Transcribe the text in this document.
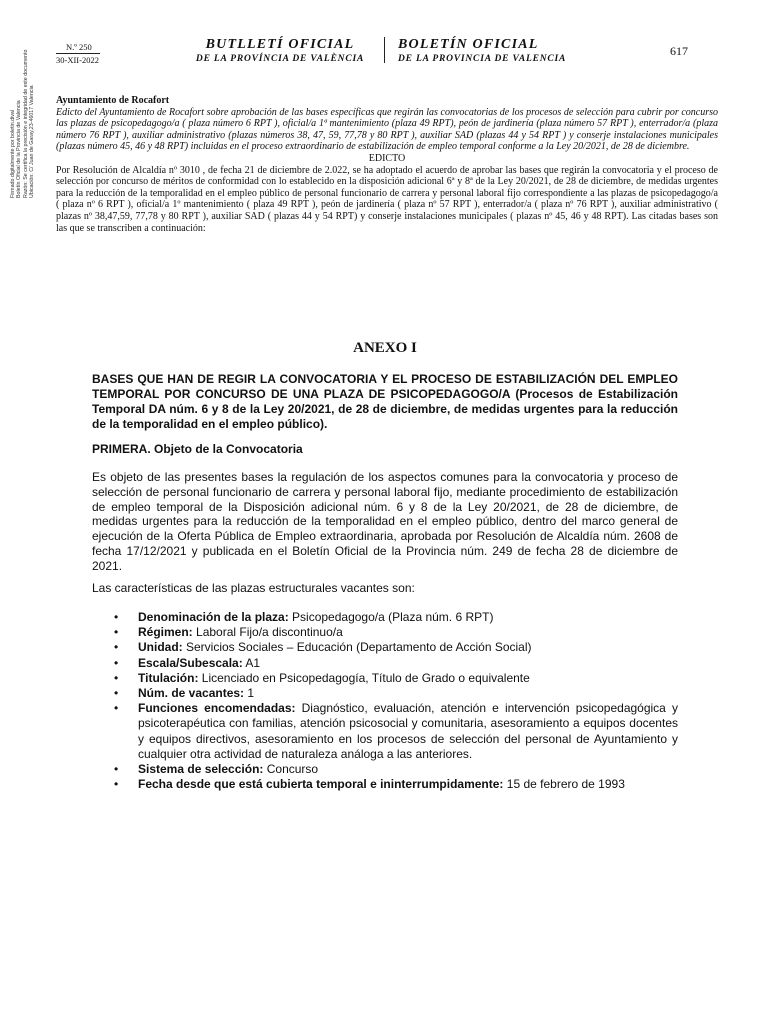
Firmado digitalmente por boletin.dival Boletín Oficial de la Provincia de Valencia Razón: Se certifica la precisión e integridad de este documento Ubicación: C/ Juan de Garay,23-46017 Valencia
N.º 250
30-XII-2022
BUTLLETÍ OFICIAL
DE LA PROVÍNCIA DE VALÈNCIA
BOLETÍN OFICIAL
DE LA PROVINCIA DE VALENCIA
617
Ayuntamiento de Rocafort
Edicto del Ayuntamiento de Rocafort sobre aprobación de las bases específicas que regirán las convocatorias de los procesos de selección para cubrir por concurso las plazas de psicopedagogo/a ( plaza número 6 RPT ), oficial/a 1ª mantenimiento (plaza 49 RPT), peón de jardinería (plaza número 57 RPT ), enterrador/a (plaza número 76 RPT ), auxiliar administrativo (plazas números 38, 47, 59, 77,78 y 80 RPT ), auxiliar SAD (plazas 44 y 54 RPT ) y conserje instalaciones municipales (plazas número 45, 46 y 48 RPT) incluidas en el proceso extraordinario de estabilización de empleo temporal conforme a la Ley 20/2021, de 28 de diciembre.
EDICTO
Por Resolución de Alcaldía nº 3010 , de fecha 21 de diciembre de 2.022, se ha adoptado el acuerdo de aprobar las bases que regirán la convocatoria y el proceso de selección por concurso de méritos de conformidad con lo establecido en la disposición adicional 6ª y 8ª de la Ley 20/2021, de 28 de diciembre, de medidas urgentes para la reducción de la temporalidad en el empleo público de personal funcionario de carrera y personal laboral fijo correspondiente a las plazas de psicopedagogo/a ( plaza nº 6 RPT ), oficial/a 1º mantenimiento ( plaza 49 RPT ), peón de jardinería ( plaza nº 57 RPT ), enterrador/a ( plaza nº 76 RPT ), auxiliar administrativo ( plazas nº 38,47,59, 77,78 y 80 RPT ), auxiliar SAD ( plazas 44 y 54 RPT) y conserje instalaciones municipales ( plazas nº 45, 46 y 48 RPT). Las citadas bases son las que se transcriben a continuación:
ANEXO I
BASES QUE HAN DE REGIR LA CONVOCATORIA Y EL PROCESO DE ESTABILIZACIÓN DEL EMPLEO TEMPORAL POR CONCURSO DE UNA PLAZA DE PSICOPEDAGOGO/A (Procesos de Estabilización Temporal DA núm. 6 y 8 de la Ley 20/2021, de 28 de diciembre, de medidas urgentes para la reducción de la temporalidad en el empleo público).
PRIMERA. Objeto de la Convocatoria
Es objeto de las presentes bases la regulación de los aspectos comunes para la convocatoria y proceso de selección de personal funcionario de carrera y personal laboral fijo, mediante procedimiento de estabilización de empleo temporal de la Disposición adicional núm. 6 y 8 de la Ley 20/2021, de 28 de diciembre, de medidas urgentes para la reducción de la temporalidad en el empleo público, dentro del marco general de ejecución de la Oferta Pública de Empleo extraordinaria, aprobada por Resolución de Alcaldía núm. 2608 de fecha 17/12/2021 y publicada en el Boletín Oficial de la Provincia núm. 249 de fecha 28 de diciembre de 2021.
Las características de las plazas estructurales vacantes son:
• Denominación de la plaza: Psicopedagogo/a (Plaza núm. 6 RPT)
• Régimen: Laboral Fijo/a discontinuo/a
• Unidad: Servicios Sociales – Educación (Departamento de Acción Social)
• Escala/Subescala: A1
• Titulación: Licenciado en Psicopedagogía, Título de Grado o equivalente
• Núm. de vacantes: 1
• Funciones encomendadas: Diagnóstico, evaluación, atención e intervención psicopedagógica y psicoterapéutica con familias, atención psicosocial y comunitaria, asesoramiento a equipos docentes y equipos directivos, asesoramiento en los procesos de selección del personal de Ayuntamiento y cualquier otra actividad de naturaleza análoga a las anteriores.
• Sistema de selección: Concurso
• Fecha desde que está cubierta temporal e ininterrumpidamente: 15 de febrero de 1993
